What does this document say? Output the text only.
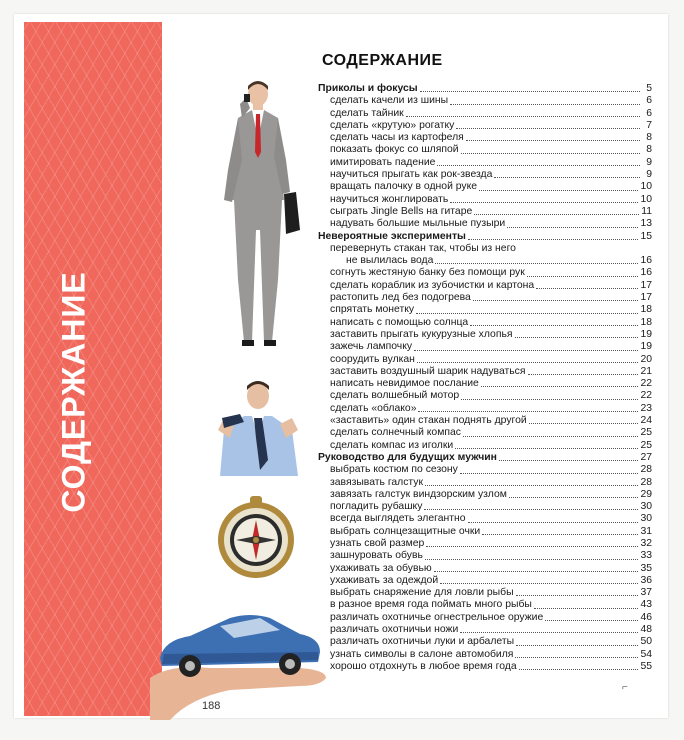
СОДЕРЖАНИЕ
188
СОДЕРЖАНИЕ
Приколы и фокусы	5
сделать качели из шины	6
сделать тайник	6
сделать «крутую» рогатку	7
сделать часы из картофеля	8
показать фокус со шляпой	8
имитировать падение	9
научиться прыгать как рок-звезда	9
вращать палочку в одной руке	10
научиться жонглировать	10
сыграть Jingle Bells на гитаре	11
надувать большие мыльные пузыри	13
Невероятные эксперименты	15
перевернуть стакан так, чтобы из него
не вылилась вода	16
согнуть жестяную банку без помощи рук	16
сделать кораблик из зубочистки и картона	17
растопить лед без подогрева	17
спрятать монетку	18
написать с помощью солнца	18
заставить прыгать кукурузные хлопья	19
зажечь лампочку	19
соорудить вулкан	20
заставить воздушный шарик надуваться	21
написать невидимое послание	22
сделать волшебный мотор	22
сделать «облако»	23
«заставить» один стакан поднять другой	24
сделать солнечный компас	25
сделать компас из иголки	25
Руководство для будущих мужчин	27
выбрать костюм по сезону	28
завязывать галстук	28
завязать галстук виндзорским узлом	29
погладить рубашку	30
всегда выглядеть элегантно	30
выбрать солнцезащитные очки	31
узнать свой размер	32
зашнуровать обувь	33
ухаживать за обувью	35
ухаживать за одеждой	36
выбрать снаряжение для ловли рыбы	37
в разное время года поймать много рыбы	43
различать охотничье огнестрельное оружие	46
различать охотничьи ножи	48
различать охотничьи луки и арбалеты	50
узнать символы в салоне автомобиля	54
хорошо отдохнуть в любое время года	55
⌐
